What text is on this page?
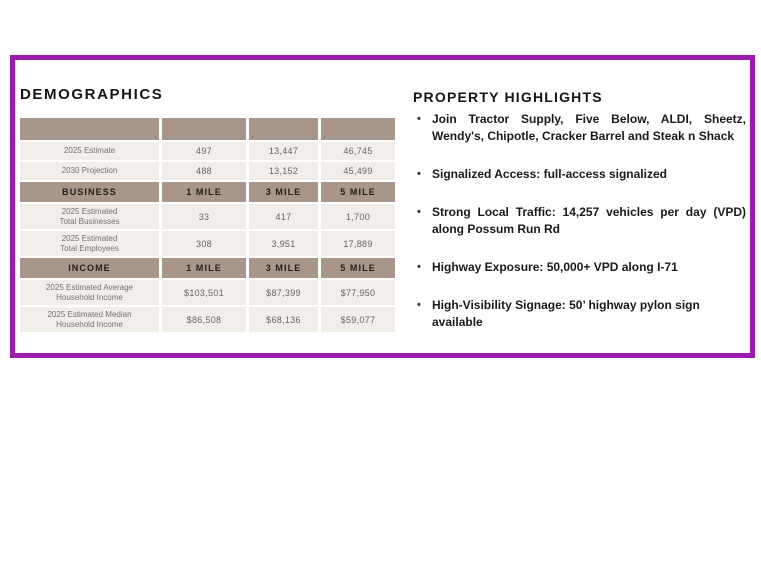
DEMOGRAPHICS
2025 Estimate	497	13,447	46,745
2030 Projection	488	13,152	45,499
BUSINESS	1 MILE	3 MILE	5 MILE
2025 Estimated
Total Businesses	33	417	1,700
2025 Estimated
Total Employees	308	3,951	17,889
INCOME	1 MILE	3 MILE	5 MILE
2025 Estimated Average
Household Income	$103,501	$87,399	$77,950
2025 Estimated Median
Household Income	$86,508	$68,136	$59,077
PROPERTY HIGHLIGHTS
• Join Tractor Supply, Five Below, ALDI, Sheetz, Wendy's, Chipotle, Cracker Barrel and Steak n Shack
• Signalized Access: full-access signalized
• Strong Local Traffic: 14,257 vehicles per day (VPD) along Possum Run Rd
• Highway Exposure: 50,000+ VPD along I-71
• High-Visibility Signage: 50’ highway pylon sign available
